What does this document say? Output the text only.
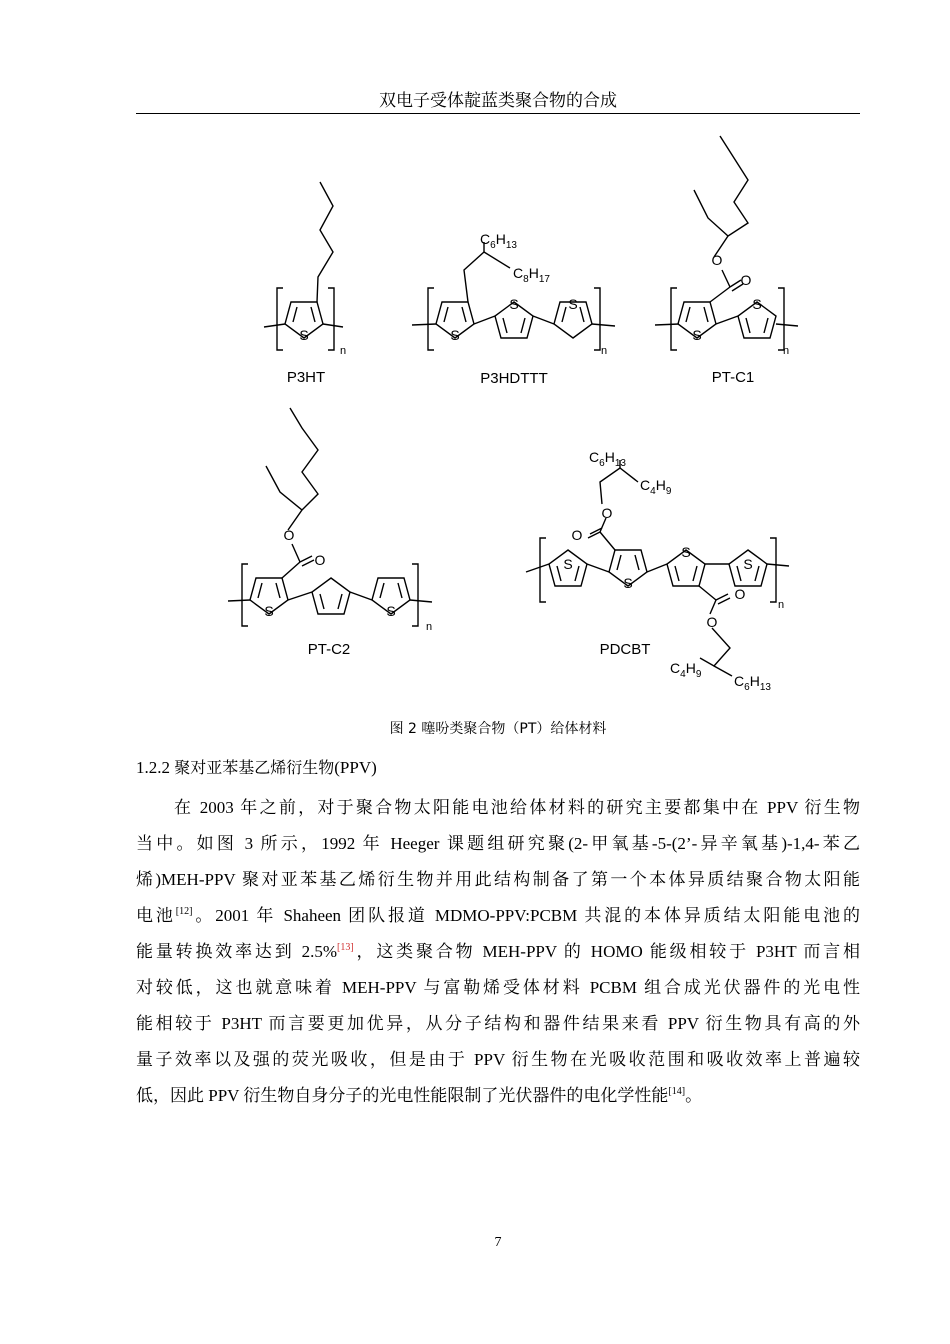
双电子受体靛蓝类聚合物的合成
S
n
P3HT
S
S	S
$C_6H_{13}$
$C_8H_{17}$
n
P3HDTTT
S
S
O
O
n
PT-C1
S	S
O
O
n
PT-C2
S
S
S
S
O
O
O
O
$C_6H_{13}$
$C_4H_9$
$C_4H_9$ $C_6H_{13}$
n
PDCBT
图 2 噻吩类聚合物（PT）给体材料
1.2.2 聚对亚苯基乙烯衍生物(PPV)
在 2003 年之前，对于聚合物太阳能电池给体材料的研究主要都集中在 PPV 衍生物
当中。如图 3 所示，1992 年 Heeger 课题组研究聚(2-甲氧基-5-(2’-异辛氧基)-1,4-苯乙
烯)MEH-PPV 聚对亚苯基乙烯衍生物并用此结构制备了第一个本体异质结聚合物太阳能
电池[12]。2001 年 Shaheen 团队报道 MDMO-PPV:PCBM 共混的本体异质结太阳能电池的
能量转换效率达到 2.5%[13]，这类聚合物 MEH-PPV 的 HOMO 能级相较于 P3HT 而言相
对较低，这也就意味着 MEH-PPV 与富勒烯受体材料 PCBM 组合成光伏器件的光电性
能相较于 P3HT 而言要更加优异，从分子结构和器件结果来看 PPV 衍生物具有高的外
量子效率以及强的荧光吸收，但是由于 PPV 衍生物在光吸收范围和吸收效率上普遍较
低，因此 PPV 衍生物自身分子的光电性能限制了光伏器件的电化学性能[14]。
7
